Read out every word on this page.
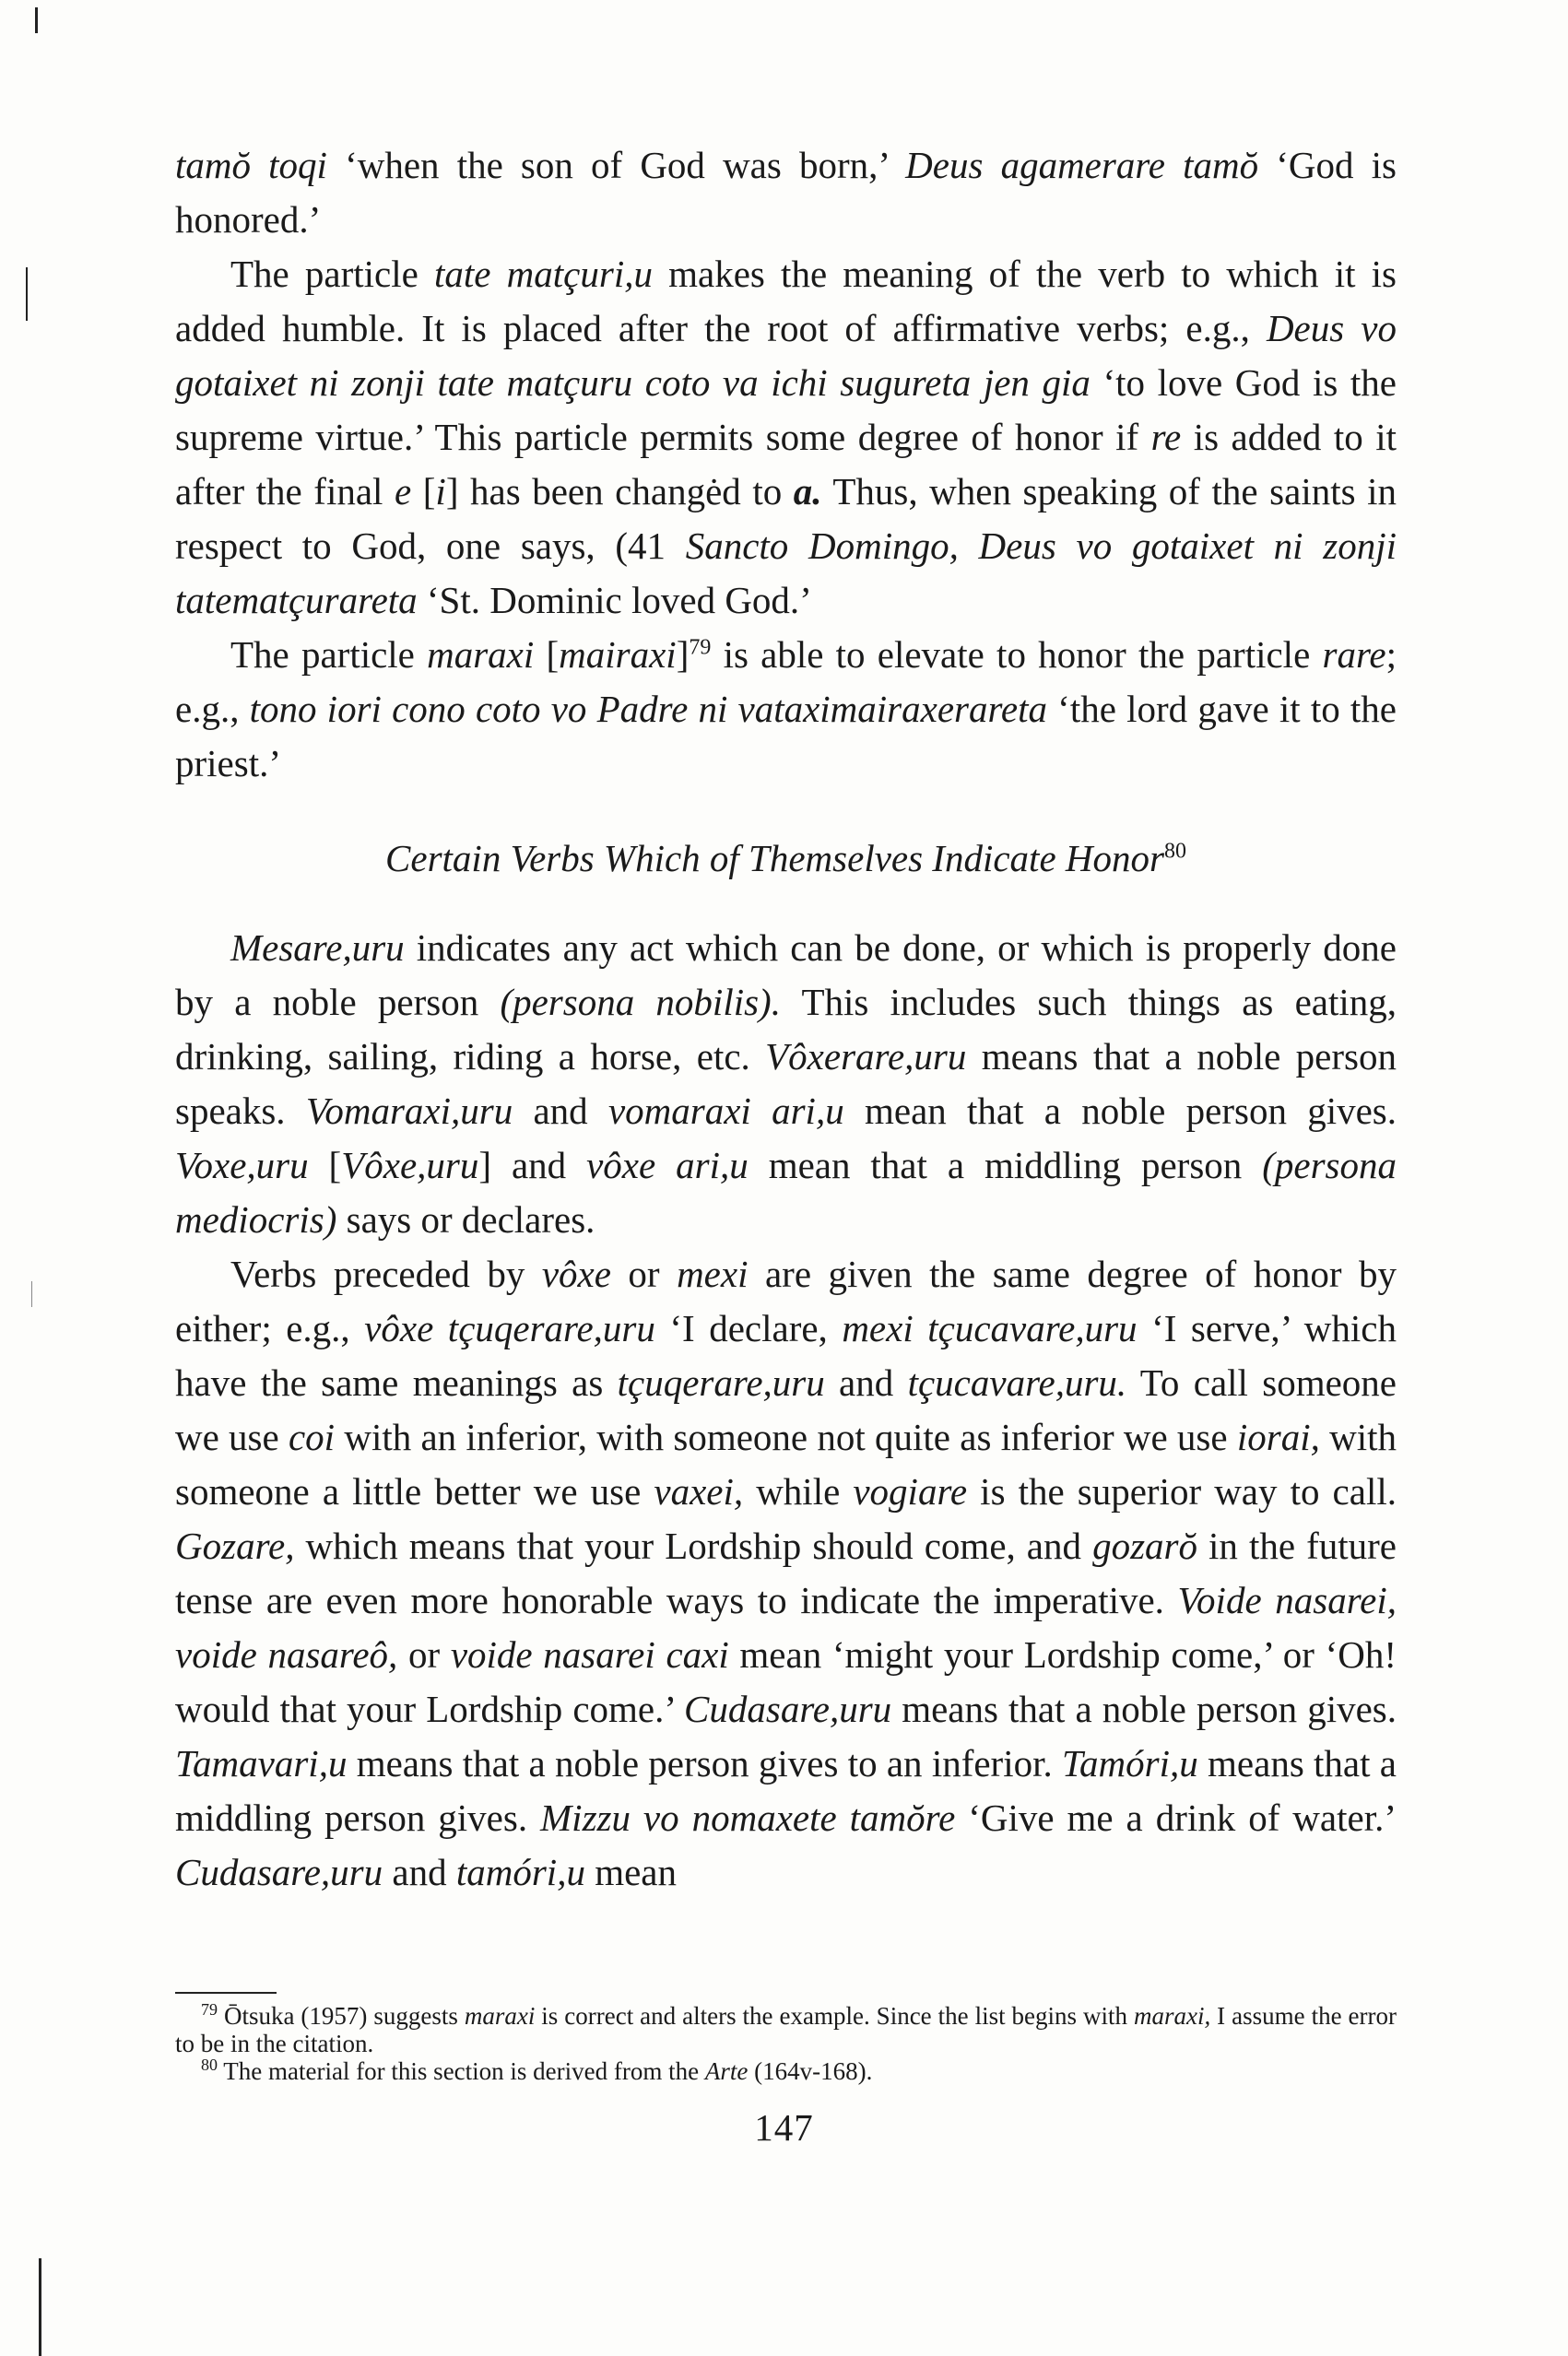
tamŏ toqi ‘when the son of God was born,’ Deus agamerare tamŏ ‘God is honored.’

The particle tate matçuri,u makes the meaning of the verb to which it is added humble. It is placed after the root of affirmative verbs; e.g., Deus vo gotaixet ni zonji tate matçuru coto va ichi sugureta jen gia ‘to love God is the supreme virtue.’ This particle permits some degree of honor if re is added to it after the final e [i] has been changėd to a. Thus, when speaking of the saints in respect to God, one says, (41 Sancto Domingo, Deus vo gotaixet ni zonji tatematçurareta ‘St. Dominic loved God.’

The particle maraxi [mairaxi]$^{79}$ is able to elevate to honor the particle rare; e.g., tono iori cono coto vo Padre ni vataximairaxerareta ‘the lord gave it to the priest.’

Certain Verbs Which of Themselves Indicate Honor$^{80}$

Mesare,uru indicates any act which can be done, or which is properly done by a noble person (persona nobilis). This includes such things as eating, drinking, sailing, riding a horse, etc. Vôxerare,uru means that a noble person speaks. Vomaraxi,uru and vomaraxi ari,u mean that a noble person gives. Voxe,uru [Vôxe,uru] and vôxe ari,u mean that a middling person (persona mediocris) says or declares.

Verbs preceded by vôxe or mexi are given the same degree of honor by either; e.g., vôxe tçuqerare,uru ‘I declare, mexi tçucavare,uru ‘I serve,’ which have the same meanings as tçuqerare,uru and tçucavare,uru. To call someone we use coi with an inferior, with someone not quite as inferior we use iorai, with someone a little better we use vaxei, while vogiare is the superior way to call. Gozare, which means that your Lordship should come, and gozarŏ in the future tense are even more honorable ways to indicate the imperative. Voide nasarei, voide nasareô, or voide nasarei caxi mean ‘might your Lordship come,’ or ‘Oh! would that your Lordship come.’ Cudasare,uru means that a noble person gives. Tamavari,u means that a noble person gives to an inferior. Tamóri,u means that a middling person gives. Mizzu vo nomaxete tamŏre ‘Give me a drink of water.’ Cudasare,uru and tamóri,u mean

$^{79}$ Ōtsuka (1957) suggests maraxi is correct and alters the example. Since the list begins with maraxi, I assume the error to be in the citation.

$^{80}$ The material for this section is derived from the Arte (164v-168).

147
